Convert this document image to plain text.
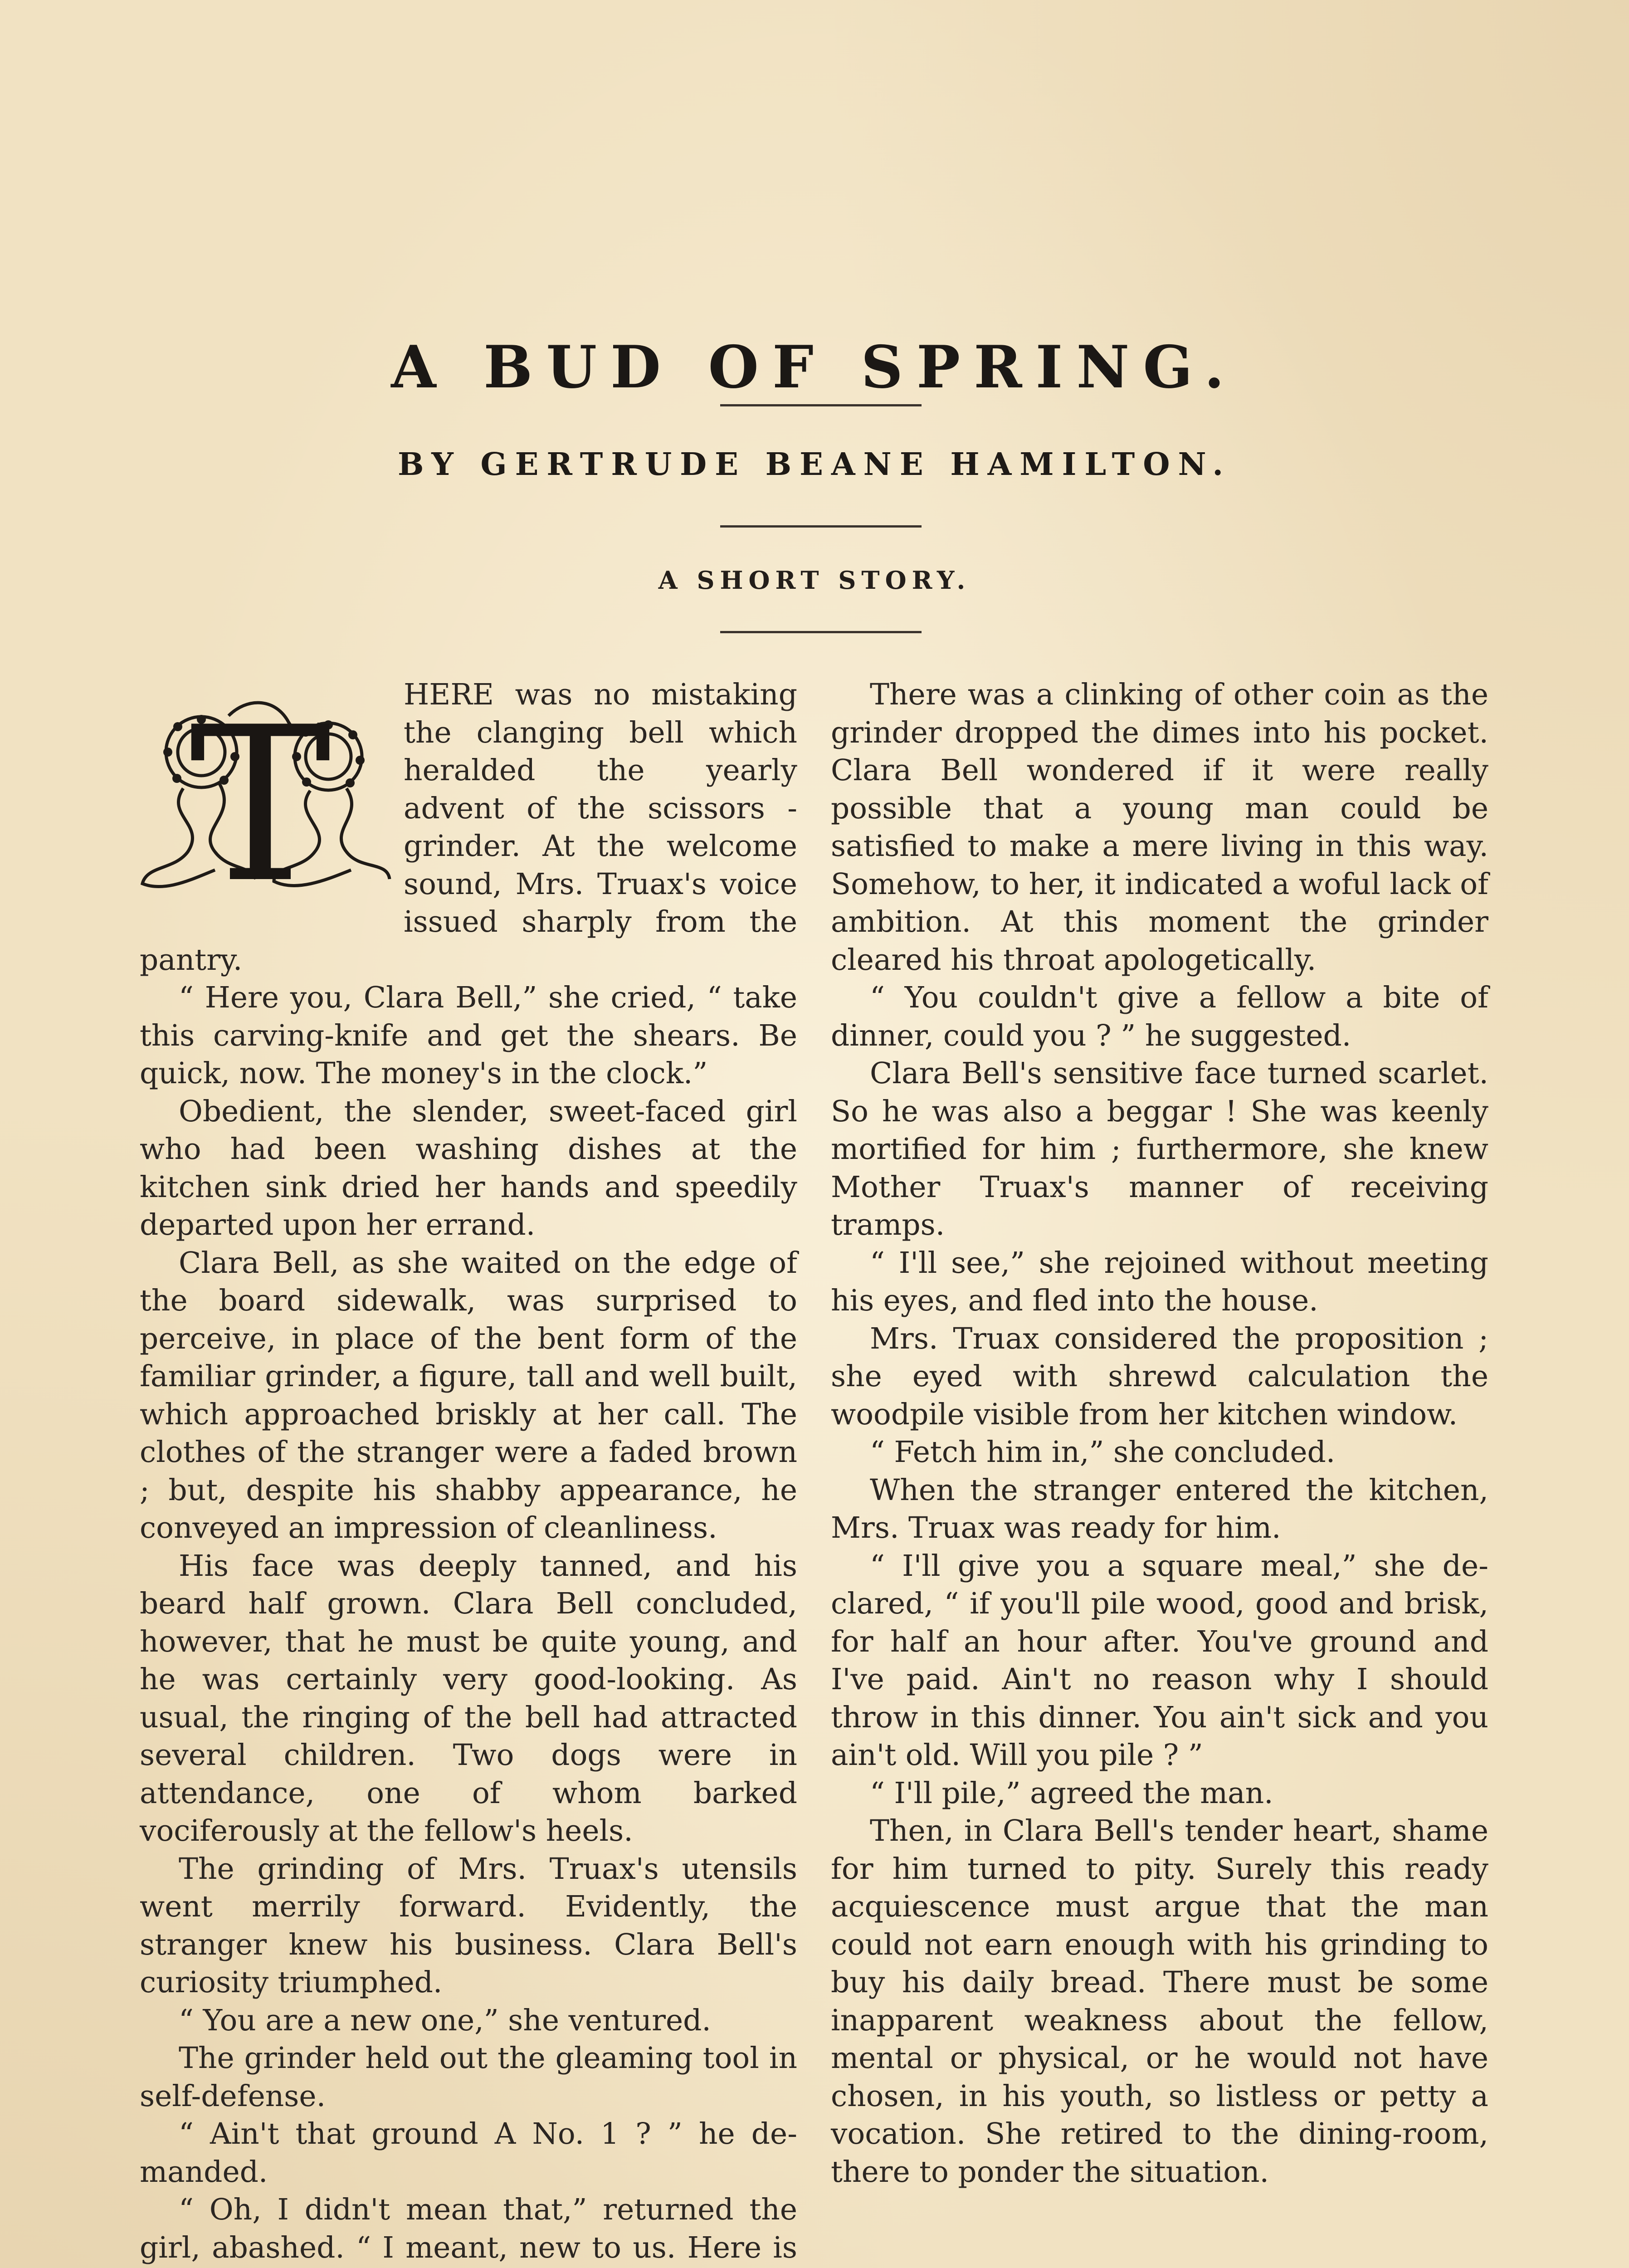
A BUD OF SPRING.
BY GERTRUDE BEANE HAMILTON.
A SHORT STORY.
T	HERE was no mistaking the clanging bell which heralded the yearly advent of the scissors - grinder. At the welcome sound, Mrs. Truax's voice issued sharply from the pantry.

“ Here you, Clara Bell,” she cried, “ take this carving-knife and get the shears. Be quick, now. The money's in the clock.”

Obedient, the slender, sweet-faced girl who had been washing dishes at the kitchen sink dried her hands and speedily departed upon her errand.

Clara Bell, as she waited on the edge of the board sidewalk, was surprised to perceive, in place of the bent form of the familiar grinder, a figure, tall and well built, which approached briskly at her call. The clothes of the stranger were a faded brown ; but, despite his shabby appearance, he conveyed an impression of cleanliness.

His face was deeply tanned, and his beard half grown. Clara Bell concluded, however, that he must be quite young, and he was certainly very good-looking. As usual, the ringing of the bell had attracted several children. Two dogs were in attendance, one of whom barked vociferously at the fellow's heels.

The grinding of Mrs. Truax's utensils went merrily forward. Evidently, the stranger knew his business. Clara Bell's curiosity triumphed.

“ You are a new one,” she ventured.

The grinder held out the gleaming tool in self-defense.

“ Ain't that ground A No. 1 ? ” he demanded.

“ Oh, I didn't mean that,” returned the girl, abashed. “ I meant, new to us. Here is

There was a clinking of other coin as the grinder dropped the dimes into his pocket. Clara Bell wondered if it were really possible that a young man could be satisfied to make a mere living in this way. Somehow, to her, it indicated a woful lack of ambition. At this moment the grinder cleared his throat apologetically.

“ You couldn't give a fellow a bite of dinner, could you ? ” he suggested.

Clara Bell's sensitive face turned scarlet. So he was also a beggar ! She was keenly mortified for him ; furthermore, she knew Mother Truax's manner of receiving tramps.

“ I'll see,” she rejoined without meeting his eyes, and fled into the house.

Mrs. Truax considered the proposition ; she eyed with shrewd calculation the woodpile visible from her kitchen window.

“ Fetch him in,” she concluded.

When the stranger entered the kitchen, Mrs. Truax was ready for him.

“ I'll give you a square meal,” she declared, “ if you'll pile wood, good and brisk, for half an hour after. You've ground and I've paid. Ain't no reason why I should throw in this dinner. You ain't sick and you ain't old. Will you pile ? ”

“ I'll pile,” agreed the man.

Then, in Clara Bell's tender heart, shame for him turned to pity. Surely this ready acquiescence must argue that the man could not earn enough with his grinding to buy his daily bread. There must be some inapparent weakness about the fellow, mental or physical, or he would not have chosen, in his youth, so listless or petty a vocation. She retired to the dining-room, there to ponder the situation.
